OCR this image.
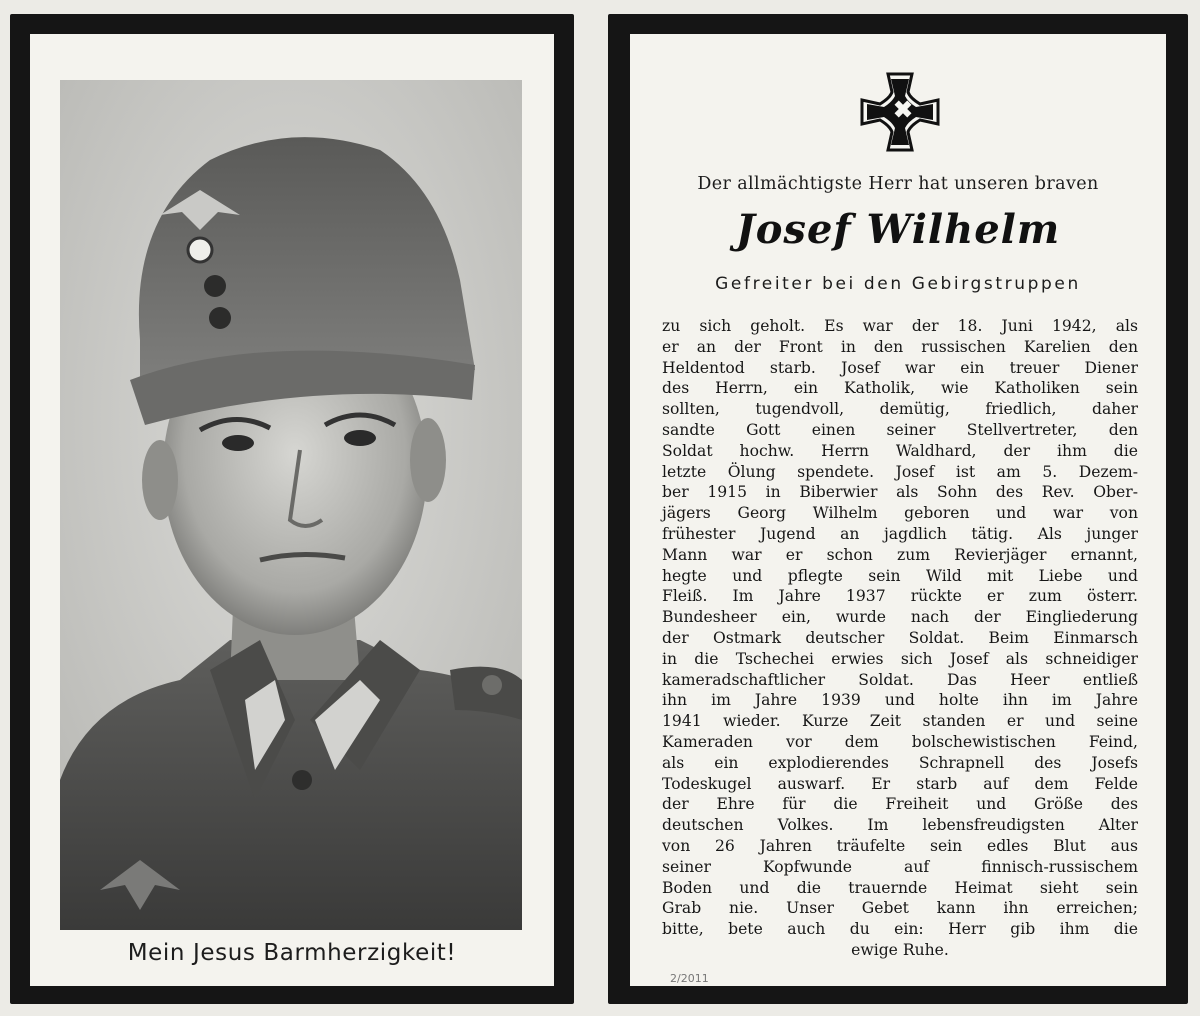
Mein Jesus Barmherzigkeit!
Der allmächtigste Herr hat unseren braven
Josef Wilhelm
Gefreiter bei den Gebirgstruppen
zu sich geholt. Es war der 18. Juni 1942, als
er an der Front in den russischen Karelien den
Heldentod starb. Josef war ein treuer Diener
des Herrn, ein Katholik, wie Katholiken sein
sollten, tugendvoll, demütig, friedlich, daher
sandte Gott einen seiner Stellvertreter, den
Soldat hochw. Herrn Waldhard, der ihm die
letzte Ölung spendete. Josef ist am 5. Dezem-
ber 1915 in Biberwier als Sohn des Rev. Ober-
jägers Georg Wilhelm geboren und war von
frühester Jugend an jagdlich tätig. Als junger
Mann war er schon zum Revierjäger ernannt,
hegte und pflegte sein Wild mit Liebe und
Fleiß. Im Jahre 1937 rückte er zum österr.
Bundesheer ein, wurde nach der Eingliederung
der Ostmark deutscher Soldat. Beim Einmarsch
in die Tschechei erwies sich Josef als schneidiger
kameradschaftlicher Soldat. Das Heer entließ
ihn im Jahre 1939 und holte ihn im Jahre
1941 wieder. Kurze Zeit standen er und seine
Kameraden vor dem bolschewistischen Feind,
als ein explodierendes Schrapnell des Josefs
Todeskugel auswarf. Er starb auf dem Felde
der Ehre für die Freiheit und Größe des
deutschen Volkes. Im lebensfreudigsten Alter
von 26 Jahren träufelte sein edles Blut aus
seiner Kopfwunde auf finnisch-russischem
Boden und die trauernde Heimat sieht sein
Grab nie. Unser Gebet kann ihn erreichen;
bitte, bete auch du ein: Herr gib ihm die
ewige Ruhe.
2/2011
